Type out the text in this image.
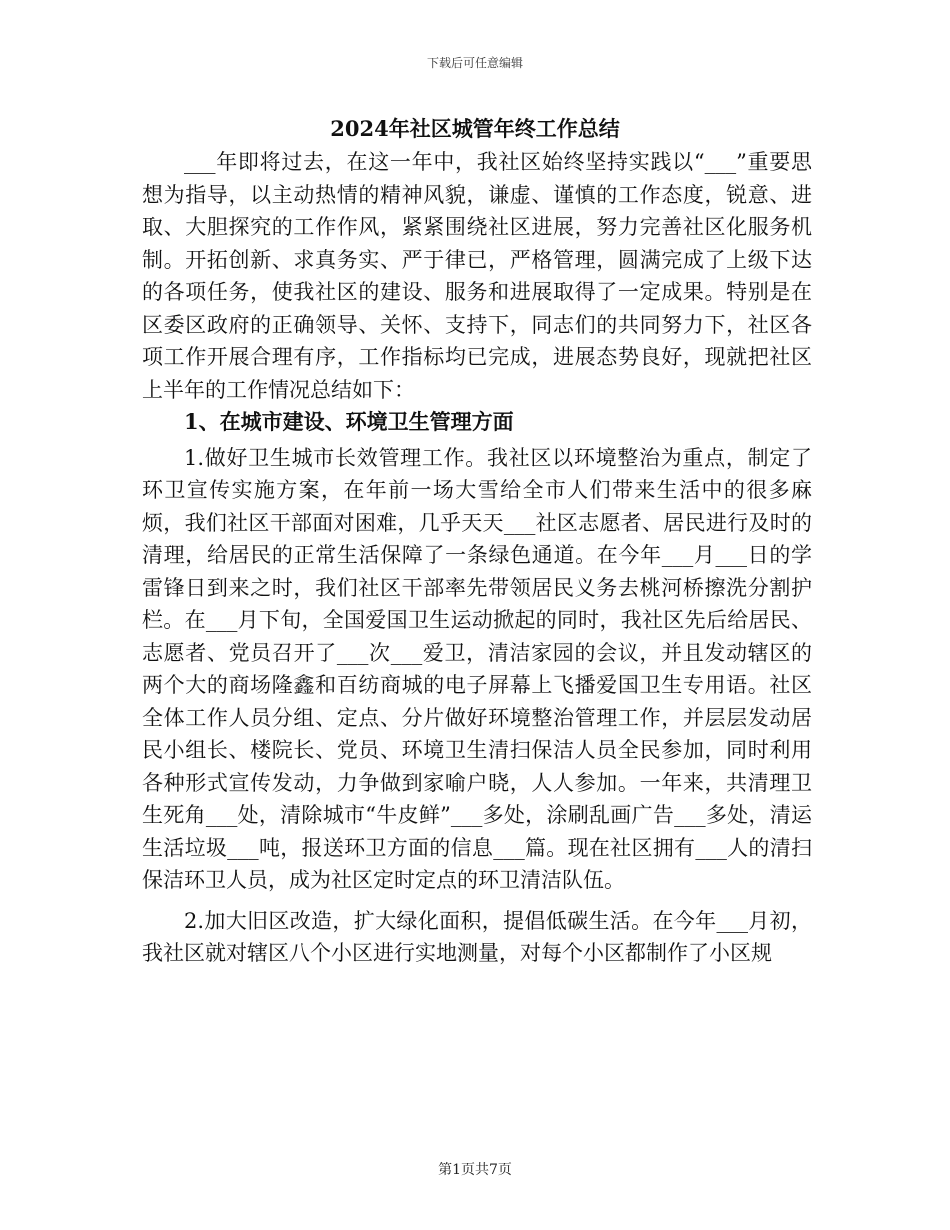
下载后可任意编辑
2024年社区城管年终工作总结

___年即将过去，在这一年中，我社区始终坚持实践以“___”重要思想为指导，以主动热情的精神风貌，谦虚、谨慎的工作态度，锐意、进取、大胆探究的工作作风，紧紧围绕社区进展，努力完善社区化服务机制。开拓创新、求真务实、严于律已，严格管理，圆满完成了上级下达的各项任务，使我社区的建设、服务和进展取得了一定成果。特别是在区委区政府的正确领导、关怀、支持下，同志们的共同努力下，社区各项工作开展合理有序，工作指标均已完成，进展态势良好，现就把社区上半年的工作情况总结如下：

1、在城市建设、环境卫生管理方面

1.做好卫生城市长效管理工作。我社区以环境整治为重点，制定了环卫宣传实施方案，在年前一场大雪给全市人们带来生活中的很多麻烦，我们社区干部面对困难，几乎天天___社区志愿者、居民进行及时的清理，给居民的正常生活保障了一条绿色通道。在今年___月___日的学雷锋日到来之时，我们社区干部率先带领居民义务去桃河桥擦洗分割护栏。在___月下旬，全国爱国卫生运动掀起的同时，我社区先后给居民、志愿者、党员召开了___次___爱卫，清洁家园的会议，并且发动辖区的两个大的商场隆鑫和百纺商城的电子屏幕上飞播爱国卫生专用语。社区全体工作人员分组、定点、分片做好环境整治管理工作，并层层发动居民小组长、楼院长、党员、环境卫生清扫保洁人员全民参加，同时利用各种形式宣传发动，力争做到家喻户晓，人人参加。一年来，共清理卫生死角___处，清除城市“牛皮鲜”___多处，涂刷乱画广告___多处，清运生活垃圾___吨，报送环卫方面的信息___篇。现在社区拥有___人的清扫保洁环卫人员，成为社区定时定点的环卫清洁队伍。

2.加大旧区改造，扩大绿化面积，提倡低碳生活。在今年___月初，我社区就对辖区八个小区进行实地测量，对每个小区都制作了小区规

第1页共7页
